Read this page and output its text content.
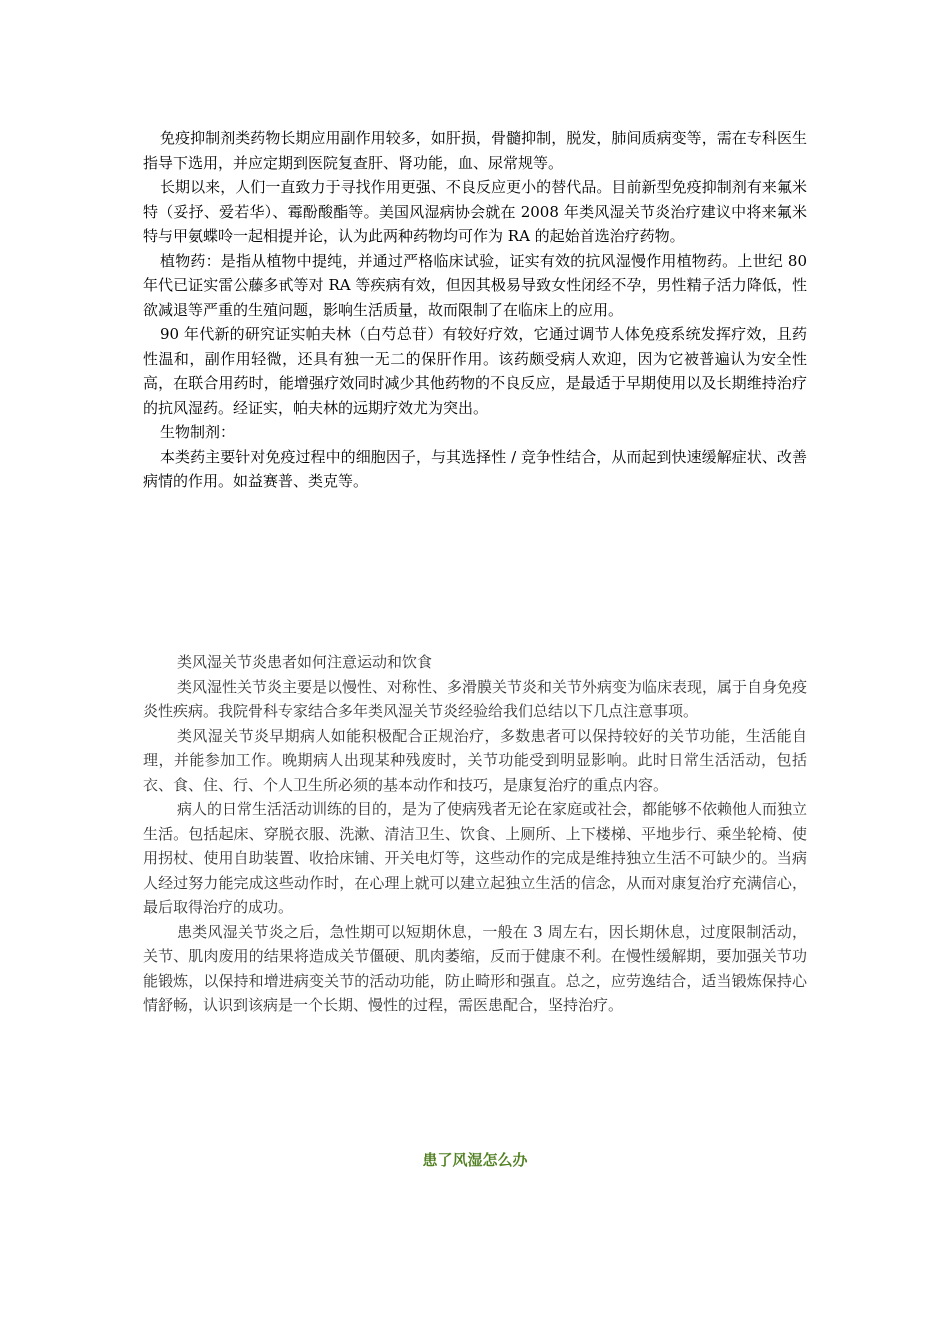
免疫抑制剂类药物长期应用副作用较多，如肝损，骨髓抑制，脱发，肺间质病变等，需在专科医生指导下选用，并应定期到医院复查肝、肾功能，血、尿常规等。

长期以来，人们一直致力于寻找作用更强、不良反应更小的替代品。目前新型免疫抑制剂有来氟米特（妥抒、爱若华）、霉酚酸酯等。美国风湿病协会就在 2008 年类风湿关节炎治疗建议中将来氟米特与甲氨蝶呤一起相提并论，认为此两种药物均可作为 RA 的起始首选治疗药物。

植物药：是指从植物中提纯，并通过严格临床试验，证实有效的抗风湿慢作用植物药。上世纪 80 年代已证实雷公藤多甙等对 RA 等疾病有效，但因其极易导致女性闭经不孕，男性精子活力降低，性欲减退等严重的生殖问题，影响生活质量，故而限制了在临床上的应用。

90 年代新的研究证实帕夫林（白芍总苷）有较好疗效，它通过调节人体免疫系统发挥疗效，且药性温和，副作用轻微，还具有独一无二的保肝作用。该药颇受病人欢迎，因为它被普遍认为安全性高，在联合用药时，能增强疗效同时减少其他药物的不良反应，是最适于早期使用以及长期维持治疗的抗风湿药。经证实，帕夫林的远期疗效尤为突出。

生物制剂：

本类药主要针对免疫过程中的细胞因子，与其选择性 / 竞争性结合，从而起到快速缓解症状、改善病情的作用。如益赛普、类克等。

类风湿关节炎患者如何注意运动和饮食

类风湿性关节炎主要是以慢性、对称性、多滑膜关节炎和关节外病变为临床表现，属于自身免疫炎性疾病。我院骨科专家结合多年类风湿关节炎经验给我们总结以下几点注意事项。

类风湿关节炎早期病人如能积极配合正规治疗，多数患者可以保持较好的关节功能，生活能自理，并能参加工作。晚期病人出现某种残废时，关节功能受到明显影响。此时日常生活活动，包括衣、食、住、行、个人卫生所必须的基本动作和技巧，是康复治疗的重点内容。

病人的日常生活活动训练的目的，是为了使病残者无论在家庭或社会，都能够不依赖他人而独立生活。包括起床、穿脱衣服、洗漱、清洁卫生、饮食、上厕所、上下楼梯、平地步行、乘坐轮椅、使用拐杖、使用自助装置、收拾床铺、开关电灯等，这些动作的完成是维持独立生活不可缺少的。当病人经过努力能完成这些动作时，在心理上就可以建立起独立生活的信念，从而对康复治疗充满信心，最后取得治疗的成功。

患类风湿关节炎之后，急性期可以短期休息，一般在 3 周左右，因长期休息，过度限制活动，关节、肌肉废用的结果将造成关节僵硬、肌肉萎缩，反而于健康不利。在慢性缓解期，要加强关节功能锻炼，以保持和增进病变关节的活动功能，防止畸形和强直。总之，应劳逸结合，适当锻炼保持心情舒畅，认识到该病是一个长期、慢性的过程，需医患配合，坚持治疗。

患了风湿怎么办
